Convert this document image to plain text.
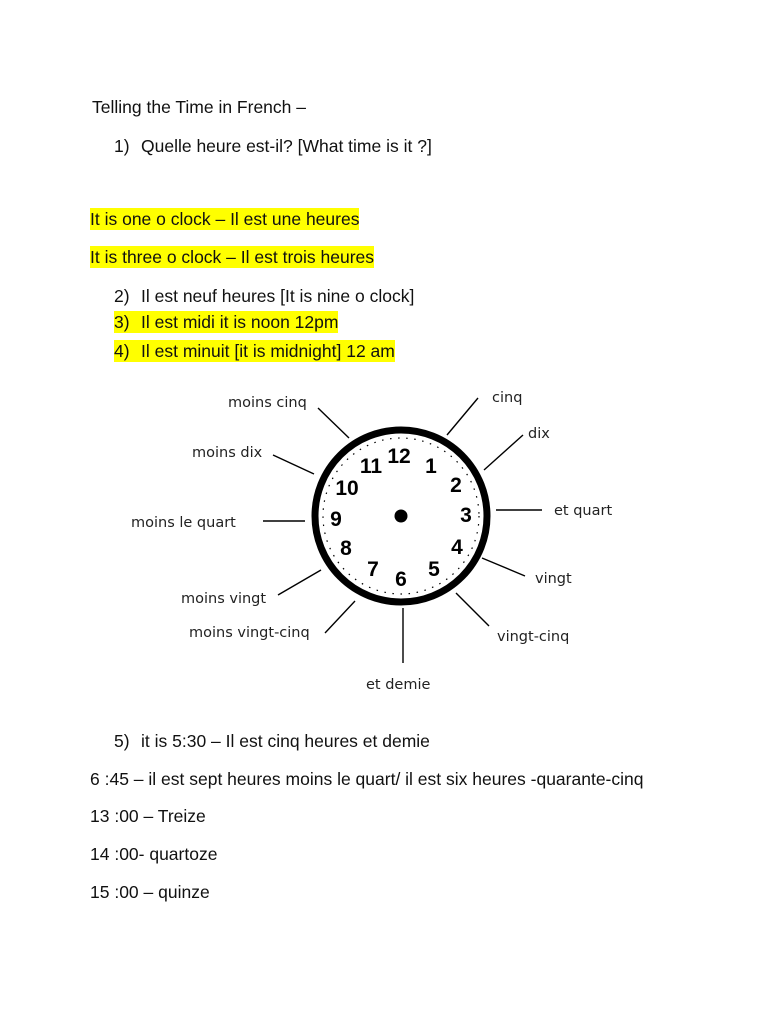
Telling the Time in French –
1) Quelle heure est-il? [What time is it ?]
It is one o clock – Il est une heures
It is three o clock – Il est trois heures
2) Il est neuf heures [It is nine o clock]
3) Il est midi it is noon 12pm
4) Il est minuit [it is midnight] 12 am
12 1
2
3
4
5
6
7
8
9
10
11
cinq
dix
et quart
vingt
vingt-cinq
et demie
moins vingt-cinq
moins vingt
moins le quart
moins dix
moins cinq
5) it is 5:30 – Il est cinq heures et demie
6 :45 – il est sept heures moins le quart/ il est six heures -quarante-cinq
13 :00 – Treize
14 :00- quartoze
15 :00 – quinze
